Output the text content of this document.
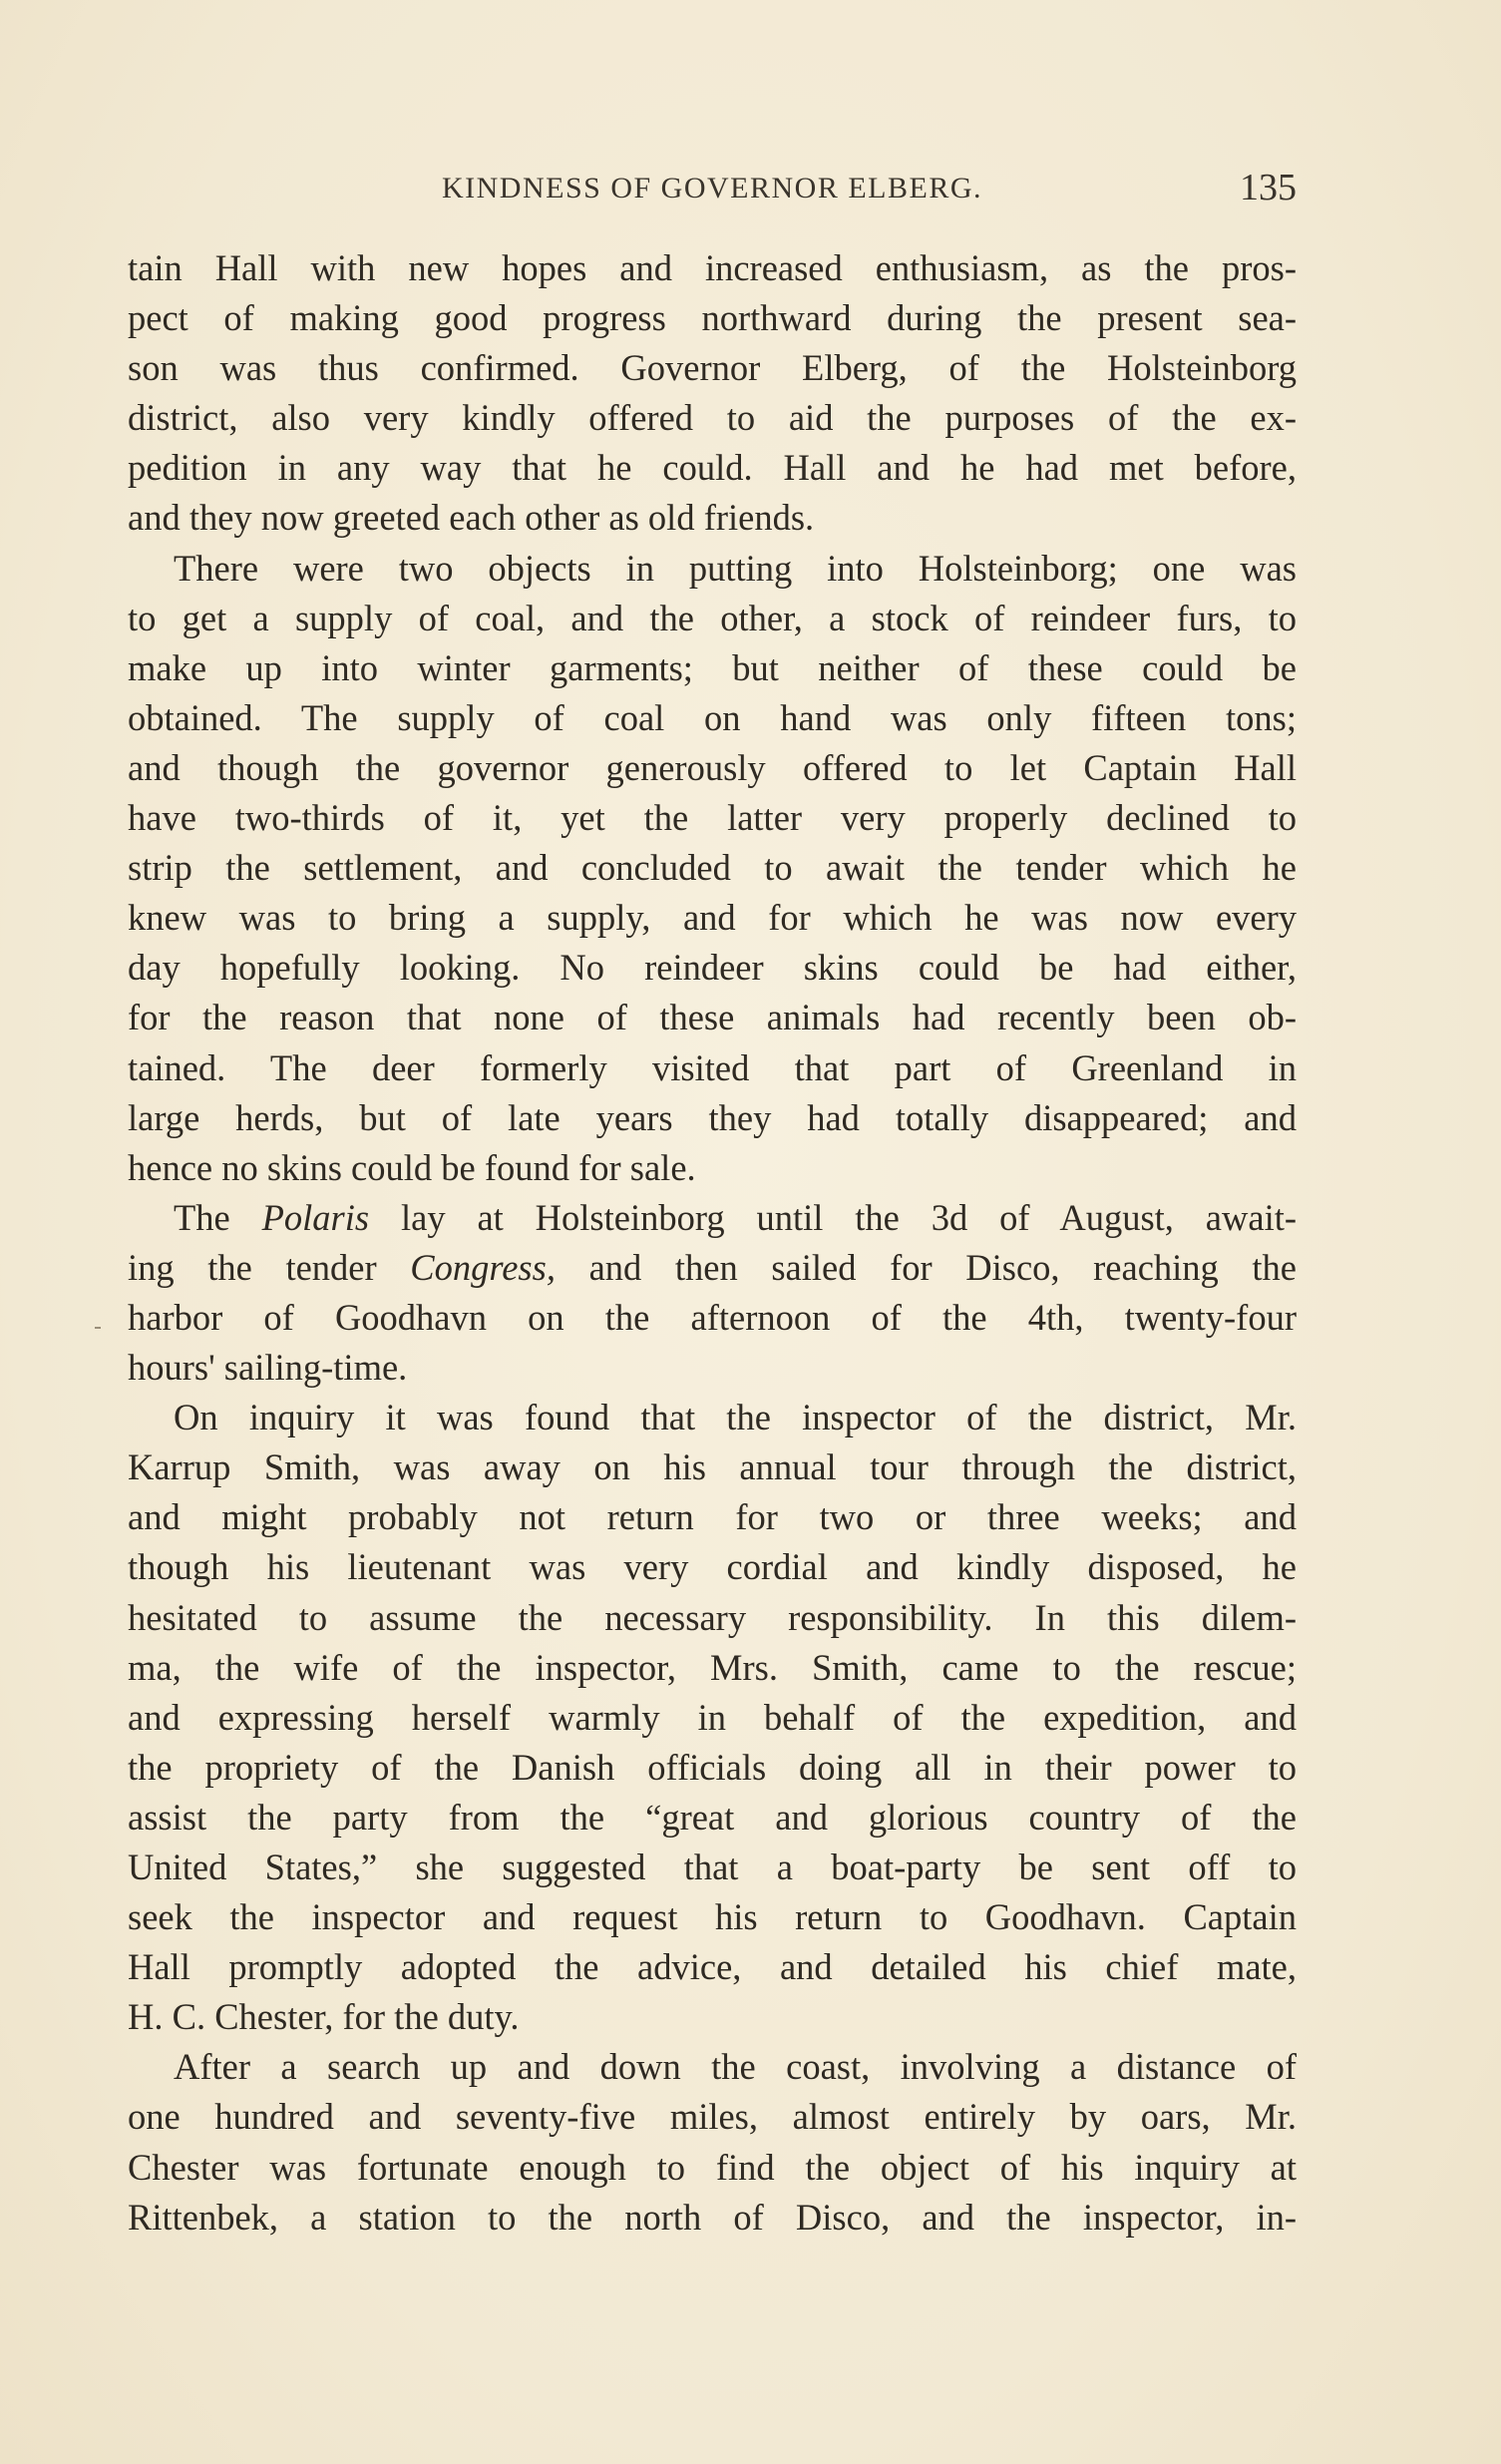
KINDNESS OF GOVERNOR ELBERG.	135
tain Hall with new hopes and increased enthusiasm, as the pros-
pect of making good progress northward during the present sea-
son was thus confirmed. Governor Elberg, of the Holsteinborg
district, also very kindly offered to aid the purposes of the ex-
pedition in any way that he could. Hall and he had met before,
and they now greeted each other as old friends.
There were two objects in putting into Holsteinborg; one was
to get a supply of coal, and the other, a stock of reindeer furs, to
make up into winter garments; but neither of these could be
obtained. The supply of coal on hand was only fifteen tons;
and though the governor generously offered to let Captain Hall
have two-thirds of it, yet the latter very properly declined to
strip the settlement, and concluded to await the tender which he
knew was to bring a supply, and for which he was now every
day hopefully looking. No reindeer skins could be had either,
for the reason that none of these animals had recently been ob-
tained. The deer formerly visited that part of Greenland in
large herds, but of late years they had totally disappeared; and
hence no skins could be found for sale.
The Polaris lay at Holsteinborg until the 3d of August, await-
ing the tender Congress, and then sailed for Disco, reaching the
harbor of Goodhavn on the afternoon of the 4th, twenty-four
hours' sailing-time.
On inquiry it was found that the inspector of the district, Mr.
Karrup Smith, was away on his annual tour through the district,
and might probably not return for two or three weeks; and
though his lieutenant was very cordial and kindly disposed, he
hesitated to assume the necessary responsibility. In this dilem-
ma, the wife of the inspector, Mrs. Smith, came to the rescue;
and expressing herself warmly in behalf of the expedition, and
the propriety of the Danish officials doing all in their power to
assist the party from the “great and glorious country of the
United States,” she suggested that a boat-party be sent off to
seek the inspector and request his return to Goodhavn. Captain
Hall promptly adopted the advice, and detailed his chief mate,
H. C. Chester, for the duty.
After a search up and down the coast, involving a distance of
one hundred and seventy-five miles, almost entirely by oars, Mr.
Chester was fortunate enough to find the object of his inquiry at
Rittenbek, a station to the north of Disco, and the inspector, in-
